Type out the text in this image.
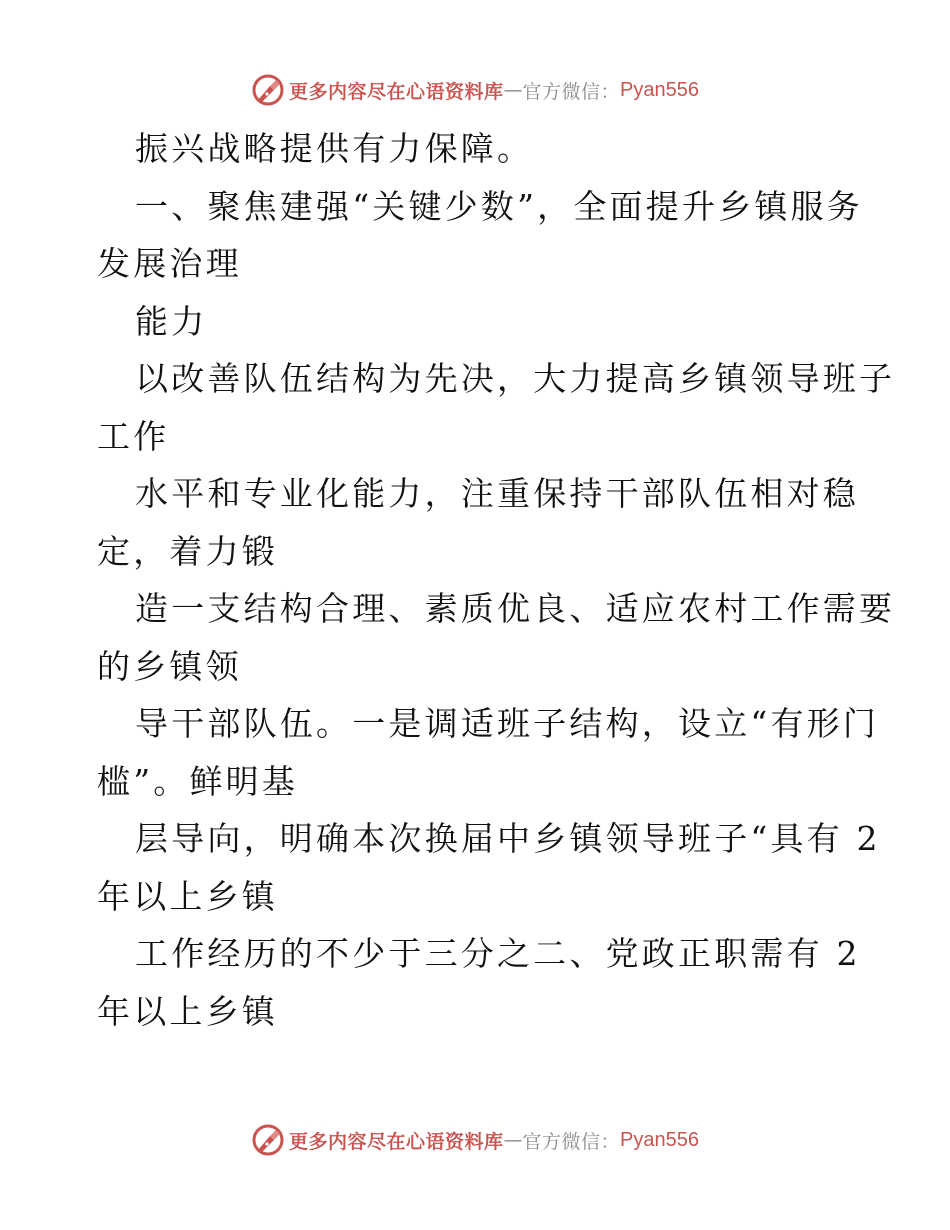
更多内容尽在心语资料库 — 官方微信： Pyan556
振兴战略提供有力保障。
一、聚焦建强“关键少数”，全面提升乡镇服务
发展治理
能力
以改善队伍结构为先决，大力提高乡镇领导班子
工作
水平和专业化能力，注重保持干部队伍相对稳
定，着力锻
造一支结构合理、素质优良、适应农村工作需要
的乡镇领
导干部队伍。一是调适班子结构，设立“有形门
槛”。鲜明基
层导向，明确本次换届中乡镇领导班子“具有 2
年以上乡镇
工作经历的不少于三分之二、党政正职需有 2
年以上乡镇
更多内容尽在心语资料库 — 官方微信： Pyan556
